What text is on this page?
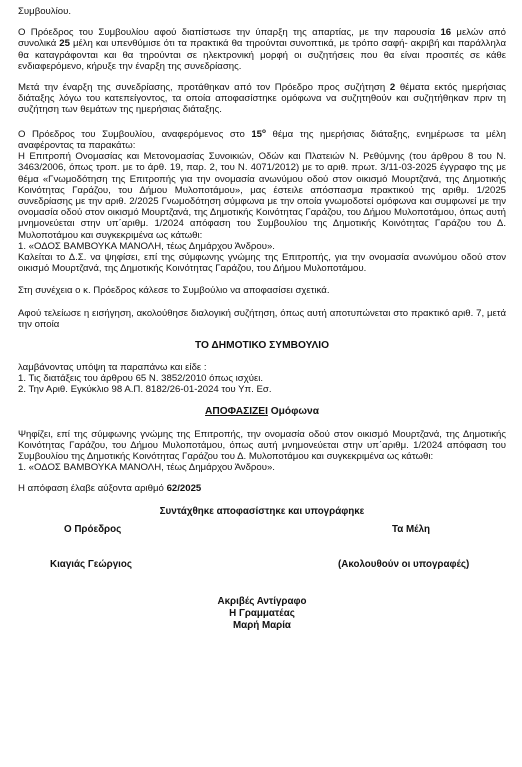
Συμβουλίου.

Ο Πρόεδρος του Συμβουλίου αφού διαπίστωσε την ύπαρξη της απαρτίας, με την παρουσία 16 μελών από συνολικά 25 μέλη και υπενθύμισε ότι τα πρακτικά θα τηρούνται συνοπτικά, με τρόπο σαφή- ακριβή και παράλληλα θα καταγράφονται και θα τηρούνται σε ηλεκτρονική μορφή οι συζητήσεις που θα είναι προσιτές σε κάθε ενδιαφερόμενο, κήρυξε την έναρξη της συνεδρίασης.

Μετά την έναρξη της συνεδρίασης, προτάθηκαν από τον Πρόεδρο προς συζήτηση 2 θέματα εκτός ημερήσιας διάταξης λόγω του κατεπείγοντος, τα οποία αποφασίστηκε ομόφωνα να συζητηθούν και συζητήθηκαν πριν τη συζήτηση των θεμάτων της ημερήσιας διάταξης.

Ο Πρόεδρος του Συμβουλίου, αναφερόμενος στο $15^o$ θέμα της ημερήσιας διάταξης, ενημέρωσε τα μέλη αναφέροντας τα παρακάτω:

Η Επιτροπή Ονομασίας και Μετονομασίας Συνοικιών, Οδών και Πλατειών Ν. Ρεθύμνης (του άρθρου 8 του Ν. 3463/2006, όπως τροπ. με το άρθ. 19, παρ. 2, του Ν. 4071/2012) με το αριθ. πρωτ. 3/11-03-2025 έγγραφο της με θέμα «Γνωμοδότηση της Επιτροπής για την ονομασία ανωνύμου οδού στον οικισμό Μουρτζανά, της Δημοτικής Κοινότητας Γαράζου, του Δήμου Μυλοποτάμου», μας έστειλε απόσπασμα πρακτικού της αριθμ. 1/2025 συνεδρίασης με την αριθ. 2/2025 Γνωμοδότηση σύμφωνα με την οποία γνωμοδοτεί ομόφωνα και συμφωνεί με την ονομασία οδού στον οικισμό Μουρτζανά, της Δημοτικής Κοινότητας Γαράζου, του Δήμου Μυλοποτάμου, όπως αυτή μνημονεύεται στην υπ΄αριθμ. 1/2024 απόφαση του Συμβουλίου της Δημοτικής Κοινότητας Γαράζου του Δ. Μυλοποτάμου και συγκεκριμένα ως κάτωθι:

1. «ΟΔΟΣ ΒΑΜΒΟΥΚΑ ΜΑΝΟΛΗ, τέως Δημάρχου Άνδρου».

Καλείται το Δ.Σ. να ψηφίσει, επί της σύμφωνης γνώμης της Επιτροπής, για την ονομασία ανωνύμου οδού στον οικισμό Μουρτζανά, της Δημοτικής Κοινότητας Γαράζου, του Δήμου Μυλοποτάμου.

Στη συνέχεια ο κ. Πρόεδρος κάλεσε το Συμβούλιο να αποφασίσει σχετικά.

Αφού τελείωσε η εισήγηση, ακολούθησε διαλογική συζήτηση, όπως αυτή αποτυπώνεται στο πρακτικό αριθ. 7, μετά την οποία

ΤΟ ΔΗΜΟΤΙΚΟ ΣΥΜΒΟΥΛΙΟ

λαμβάνοντας υπόψη τα παραπάνω και είδε :

1. Τις διατάξεις του άρθρου 65 Ν. 3852/2010 όπως ισχύει.

2. Την Αριθ. Εγκύκλιο 98 Α.Π. 8182/26-01-2024 του Υπ. Εσ.

ΑΠΟΦΑΣΙΖΕΙ Ομόφωνα

Ψηφίζει, επί της σύμφωνης γνώμης της Επιτροπής, την ονομασία οδού στον οικισμό Μουρτζανά, της Δημοτικής Κοινότητας Γαράζου, του Δήμου Μυλοποτάμου, όπως αυτή μνημονεύεται στην υπ΄αριθμ. 1/2024 απόφαση του Συμβουλίου της Δημοτικής Κοινότητας Γαράζου του Δ. Μυλοποτάμου και συγκεκριμένα ως κάτωθι:

1. «ΟΔΟΣ ΒΑΜΒΟΥΚΑ ΜΑΝΟΛΗ, τέως Δημάρχου Άνδρου».

Η απόφαση έλαβε αύξοντα αριθμό 62/2025

Συντάχθηκε αποφασίστηκε και υπογράφηκε

Ο Πρόεδρος	Τα Μέλη
Κιαγιάς Γεώργιος	(Ακολουθούν οι υπογραφές)

Ακριβές Αντίγραφο

Η Γραμματέας

Μαρή Μαρία
